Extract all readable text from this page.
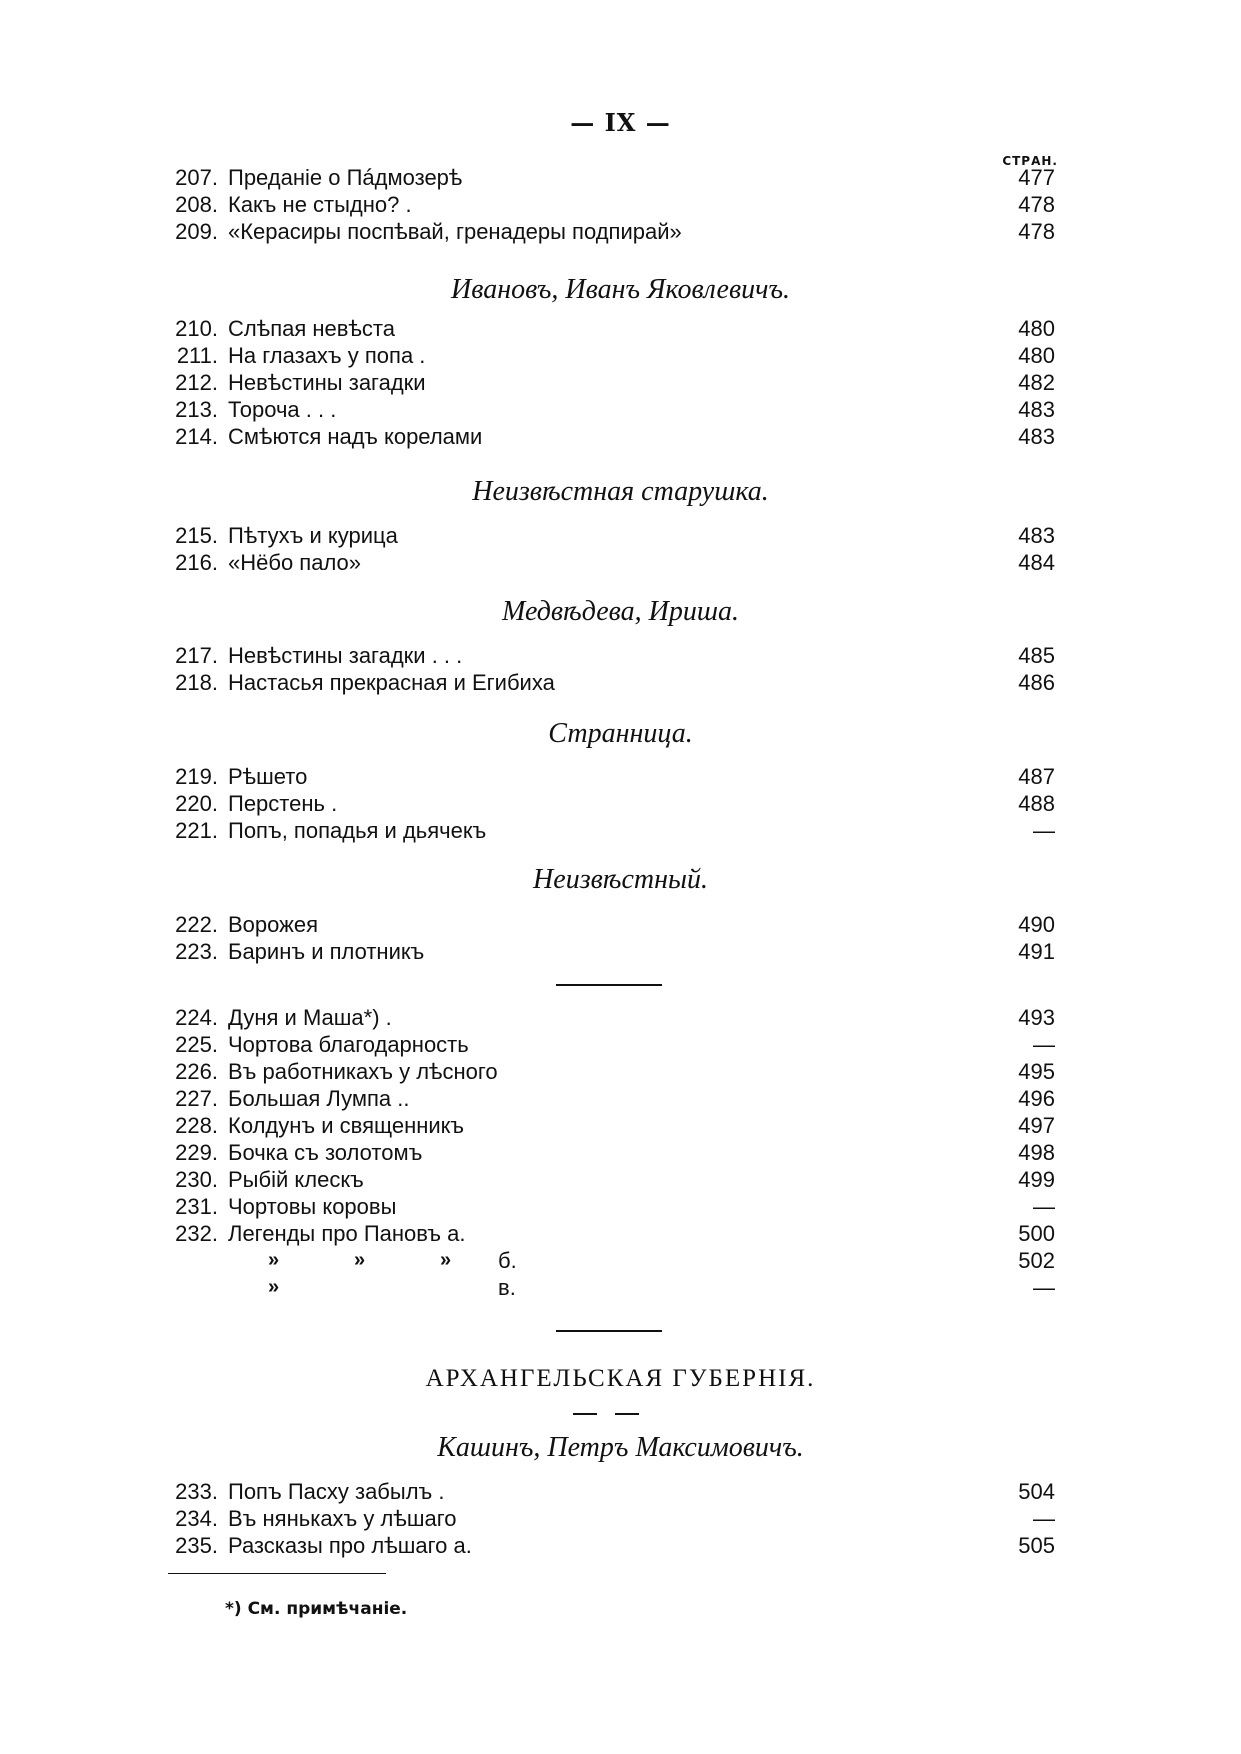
— IX —
СТРАН.
207. Преданіе о Пáдмозерѣ	477
208. Какъ не стыдно? .	478
209. «Керасиры поспѣвай, гренадеры подпирай»	478
Ивановъ, Иванъ Яковлевичъ.
210. Слѣпая невѣста	480
211. На глазахъ у попа .	480
212. Невѣстины загадки	482
213. Тороча . . .	483
214. Смѣются надъ корелами	483
Неизвѣстная старушка.
215. Пѣтухъ и курица	483
216. «Нёбо пало»	484
Медвѣдева, Ириша.
217. Невѣстины загадки . . .	485
218. Настасья прекрасная и Егибиха	486
Странница.
219. Рѣшето	487
220. Перстень .	488
221. Попъ, попадья и дьячекъ	—
Неизвѣстный.
222. Ворожея	490
223. Баринъ и плотникъ	491
224. Дуня и Маша*) .	493
225. Чортова благодарность	—
226. Въ работникахъ у лѣсного	495
227. Большая Лумпа ..	496
228. Колдунъ и священникъ	497
229. Бочка съ золотомъ	498
230. Рыбій клескъ	499
231. Чортовы коровы	—
232. Легенды про Пановъ а.	500
»	»	» б.	502
»	в.	—
АРХАНГЕЛЬСКАЯ ГУБЕРНІЯ.
Кашинъ, Петръ Максимовичъ.
233. Попъ Пасху забылъ .	504
234. Въ нянькахъ у лѣшаго	—
235. Разсказы про лѣшаго а.	505
*) См. примѣчаніе.
